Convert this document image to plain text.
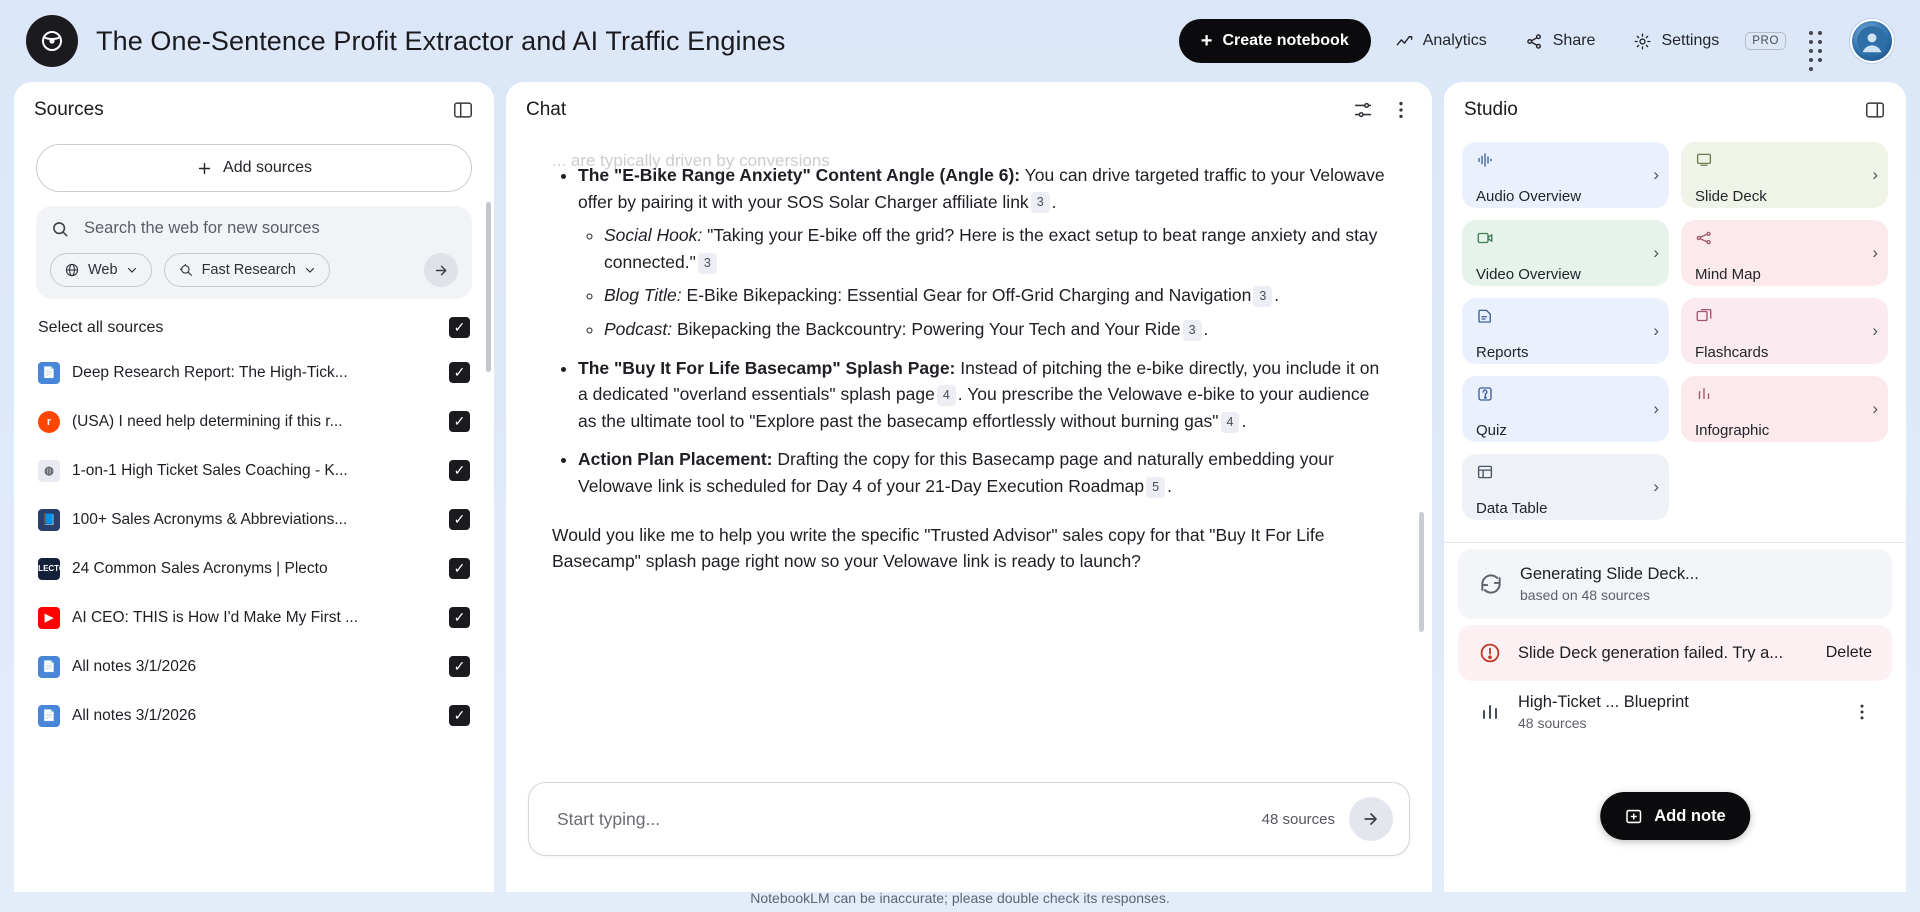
The One-Sentence Profit Extractor and AI Traffic Engines	+ Create notebook	Analytics	Share	Settings	PRO
Sources
Add sources
Search the web for new sources
Web	Fast Research
Select all sources	✓
📄 Deep Research Report: The High-Tick...	✓
r	(USA) I need help determining if this r...	✓
◍	1-on-1 High Ticket Sales Coaching - K...	✓
📘 100+ Sales Acronyms & Abbreviations...	✓
PLECTO 24 Common Sales Acronyms | Plecto	✓
▶	AI CEO: THIS is How I'd Make My First ...	✓
📄 All notes 3/1/2026	✓
📄 All notes 3/1/2026	✓
Chat
... are typically driven by conversions
• The "E-Bike Range Anxiety" Content Angle (Angle 6): You can drive targeted traffic to your Velowave offer by pairing it with your SOS Solar Charger affiliate link 3 .
◦ Social Hook: "Taking your E-bike off the grid? Here is the exact setup to beat range anxiety and stay connected." 3
◦ Blog Title: E-Bike Bikepacking: Essential Gear for Off-Grid Charging and Navigation 3 .
◦ Podcast: Bikepacking the Backcountry: Powering Your Tech and Your Ride 3 .
• The "Buy It For Life Basecamp" Splash Page: Instead of pitching the e-bike directly, you include it on a dedicated "overland essentials" splash page 4 . You prescribe the Velowave e-bike to your audience as the ultimate tool to "Explore past the basecamp effortlessly without burning gas" 4 .
• Action Plan Placement: Drafting the copy for this Basecamp page and naturally embedding your Velowave link is scheduled for Day 4 of your 21-Day Execution Roadmap 5 .
Would you like me to help you write the specific "Trusted Advisor" sales copy for that "Buy It For Life Basecamp" splash page right now so your Velowave link is ready to launch?
Start typing...
48 sources
Studio
Audio Overview
›
Slide Deck
›
Video Overview
›
Mind Map
›
Reports
›
Flashcards
›
Quiz
›
Infographic
›
Data Table
›
Generating Slide Deck...
based on 48 sources
Slide Deck generation failed. Try a...	Delete
High-Ticket ... Blueprint
48 sources

Add note
NotebookLM can be inaccurate; please double check its responses.
